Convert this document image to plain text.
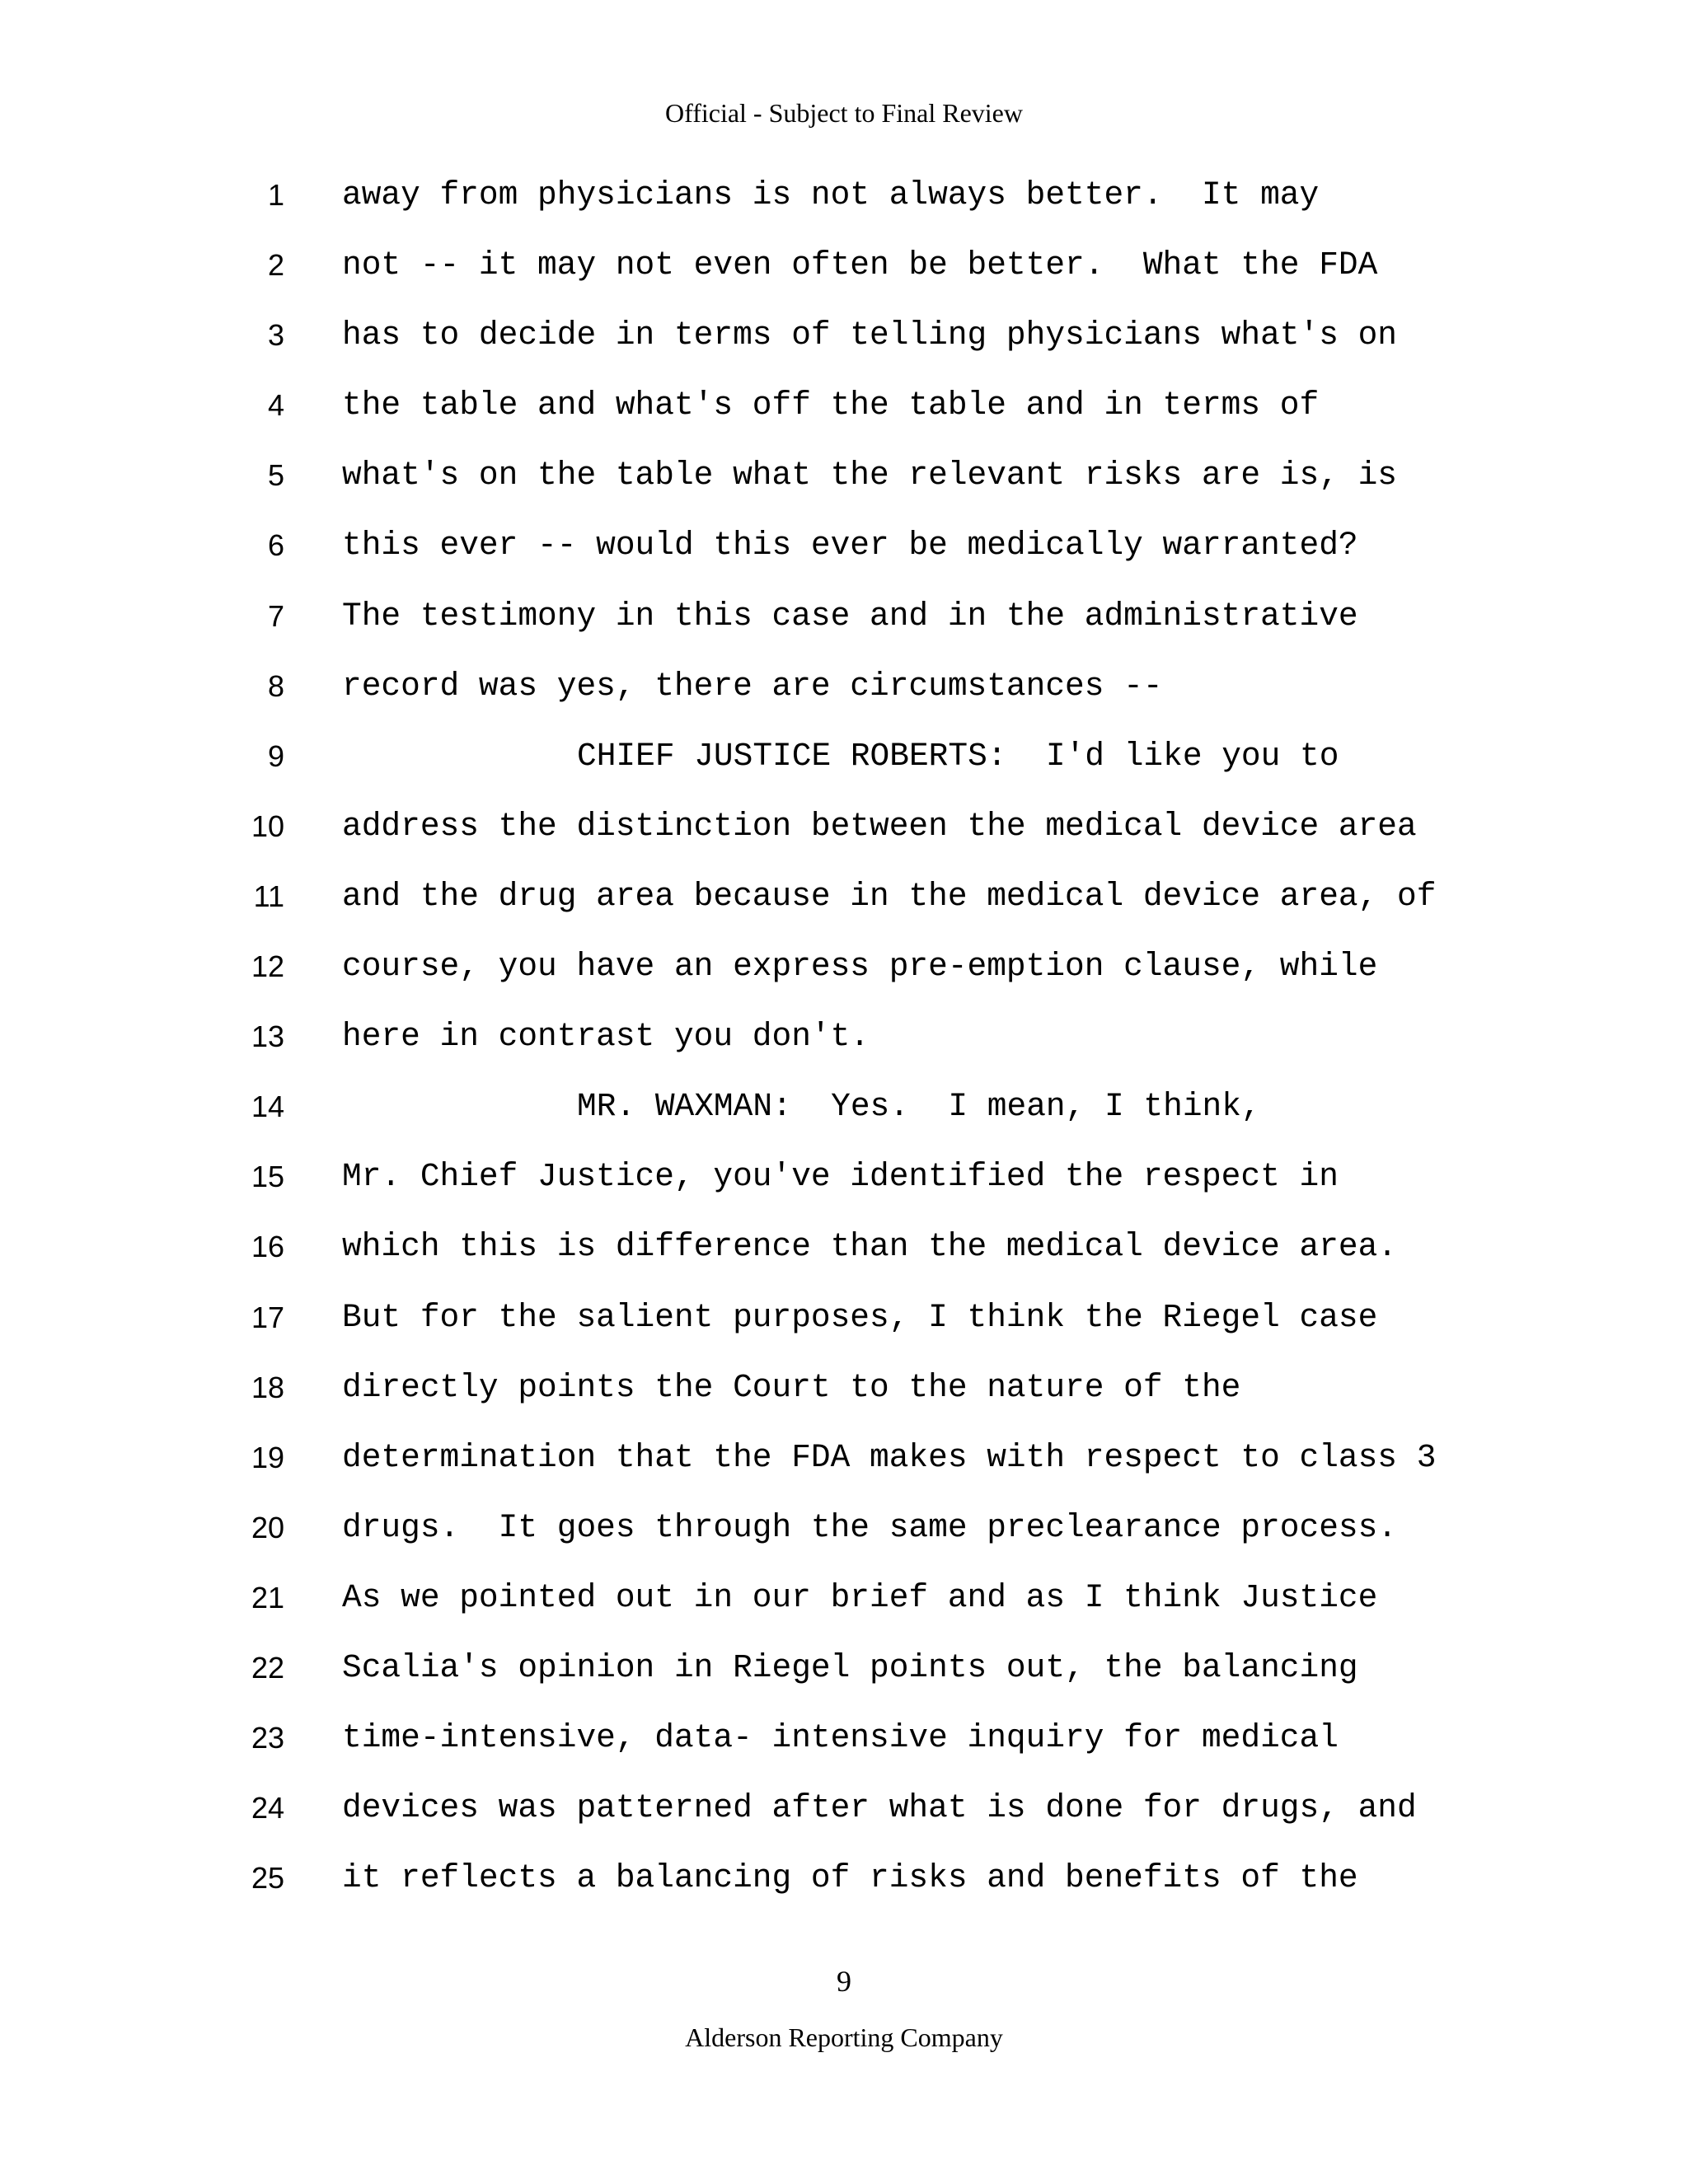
Official - Subject to Final Review
1 away from physicians is not always better.  It may
2 not -- it may not even often be better.  What the FDA
3 has to decide in terms of telling physicians what's on
4 the table and what's off the table and in terms of
5 what's on the table what the relevant risks are is, is
6 this ever -- would this ever be medically warranted?
7 The testimony in this case and in the administrative
8 record was yes, there are circumstances --
9	CHIEF JUSTICE ROBERTS:  I'd like you to
10 address the distinction between the medical device area
11 and the drug area because in the medical device area, of
12 course, you have an express pre-emption clause, while
13 here in contrast you don't.
14	MR. WAXMAN:  Yes.  I mean, I think,
15 Mr. Chief Justice, you've identified the respect in
16 which this is difference than the medical device area.
17 But for the salient purposes, I think the Riegel case
18 directly points the Court to the nature of the
19 determination that the FDA makes with respect to class 3
20 drugs.  It goes through the same preclearance process.
21 As we pointed out in our brief and as I think Justice
22 Scalia's opinion in Riegel points out, the balancing
23 time-intensive, data- intensive inquiry for medical
24 devices was patterned after what is done for drugs, and
25 it reflects a balancing of risks and benefits of the
9
Alderson Reporting Company
